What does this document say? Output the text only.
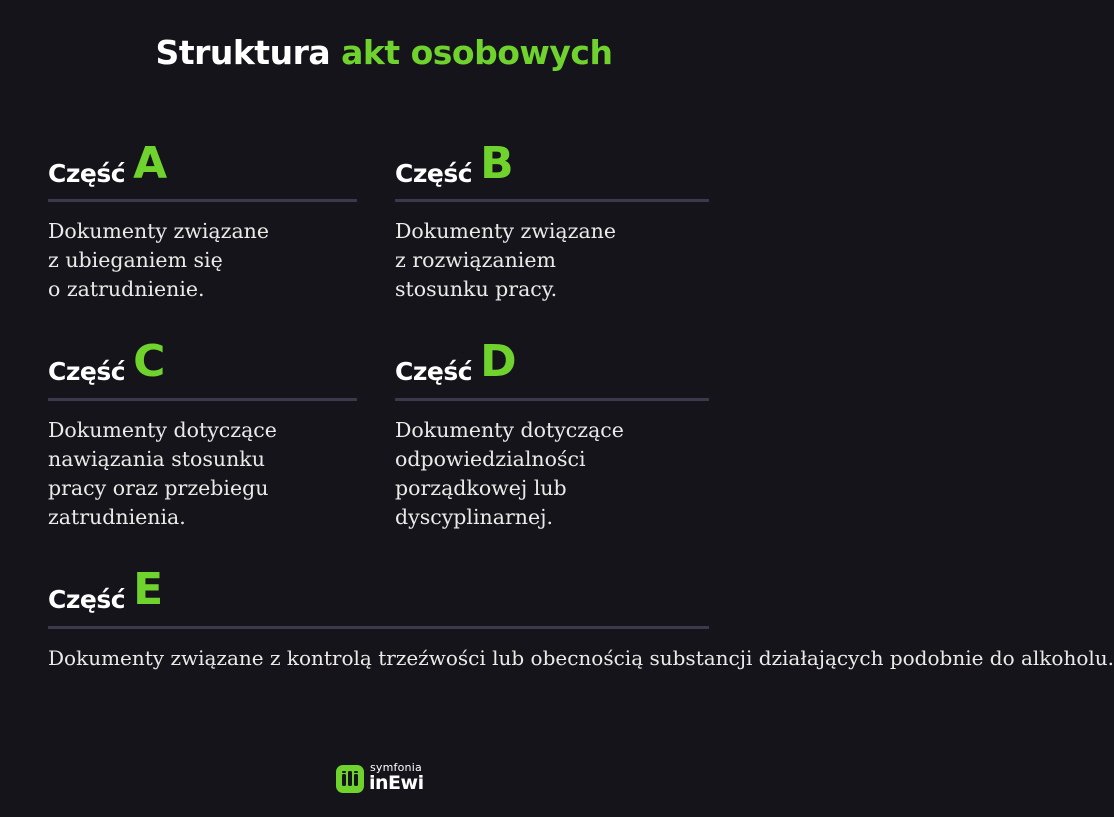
Struktura akt osobowych
Część A
Dokumenty związane
z ubieganiem się
o zatrudnienie.
Część B
Dokumenty związane
z rozwiązaniem
stosunku pracy.
Część C
Dokumenty dotyczące
nawiązania stosunku
pracy oraz przebiegu
zatrudnienia.
Część D
Dokumenty dotyczące
odpowiedzialności
porządkowej lub
dyscyplinarnej.
Część E
Dokumenty związane z kontrolą trzeźwości lub obecnością substancji działających podobnie do alkoholu.
symfonia
inEwi
